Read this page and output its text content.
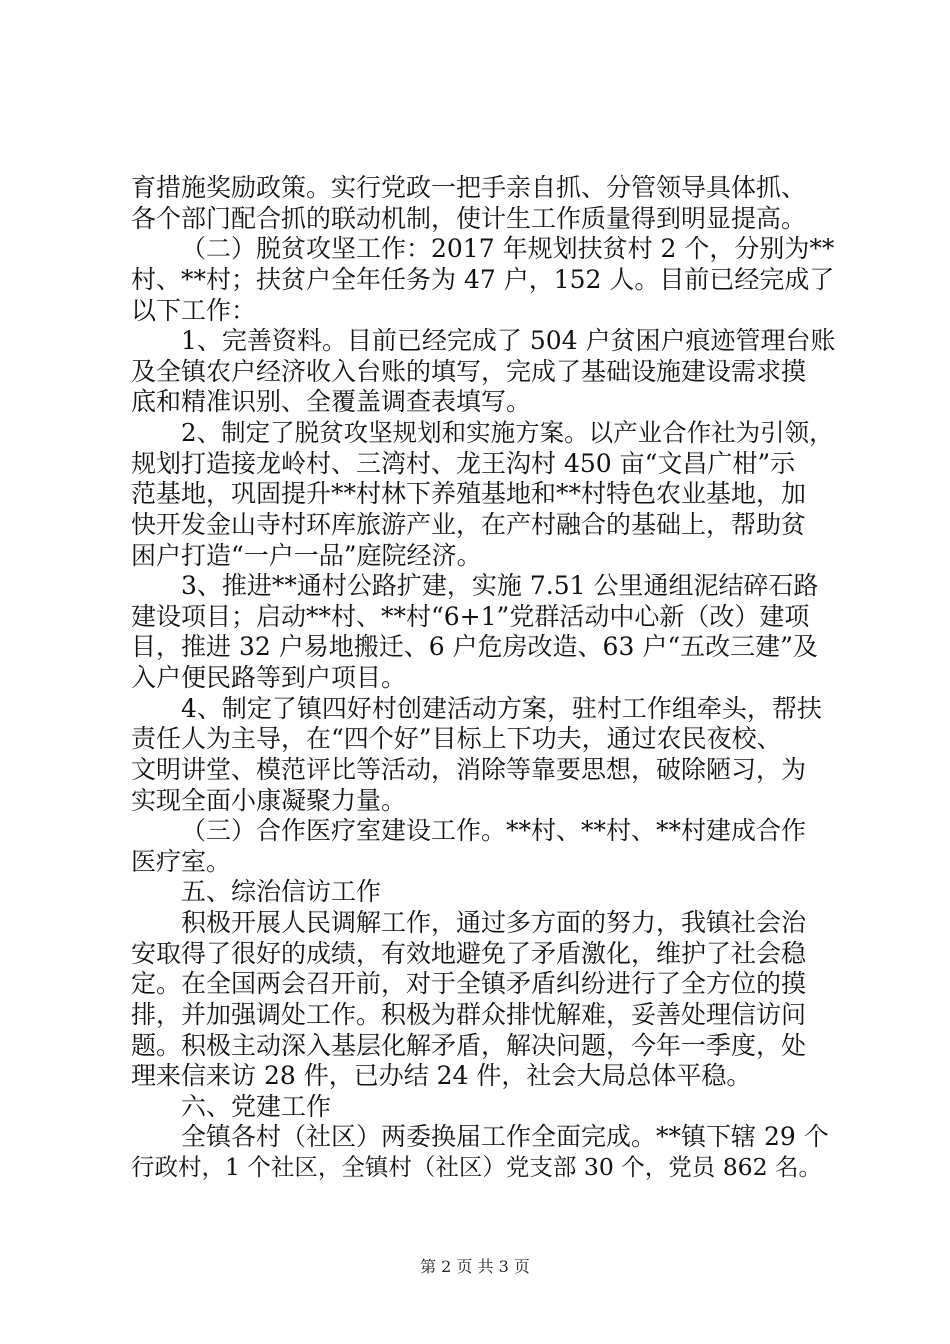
育措施奖励政策。实行党政一把手亲自抓、分管领导具体抓、
各个部门配合抓的联动机制，使计生工作质量得到明显提高。
（二）脱贫攻坚工作：2017 年规划扶贫村 2 个，分别为**
村、**村；扶贫户全年任务为 47 户，152 人。目前已经完成了
以下工作：
1、完善资料。目前已经完成了 504 户贫困户痕迹管理台账
及全镇农户经济收入台账的填写，完成了基础设施建设需求摸
底和精准识别、全覆盖调查表填写。
2、制定了脱贫攻坚规划和实施方案。以产业合作社为引领，
规划打造接龙岭村、三湾村、龙王沟村 450 亩“文昌广柑”示
范基地，巩固提升**村林下养殖基地和**村特色农业基地，加
快开发金山寺村环库旅游产业，在产村融合的基础上，帮助贫
困户打造“一户一品”庭院经济。
3、推进**通村公路扩建，实施 7.51 公里通组泥结碎石路
建设项目；启动**村、**村“6+1”党群活动中心新（改）建项
目，推进 32 户易地搬迁、6 户危房改造、63 户“五改三建”及
入户便民路等到户项目。
4、制定了镇四好村创建活动方案，驻村工作组牵头，帮扶
责任人为主导，在“四个好”目标上下功夫，通过农民夜校、
文明讲堂、模范评比等活动，消除等靠要思想，破除陋习，为
实现全面小康凝聚力量。
（三）合作医疗室建设工作。**村、**村、**村建成合作
医疗室。
五、综治信访工作
积极开展人民调解工作，通过多方面的努力，我镇社会治
安取得了很好的成绩，有效地避免了矛盾激化，维护了社会稳
定。在全国两会召开前，对于全镇矛盾纠纷进行了全方位的摸
排，并加强调处工作。积极为群众排忧解难，妥善处理信访问
题。积极主动深入基层化解矛盾，解决问题，今年一季度，处
理来信来访 28 件，已办结 24 件，社会大局总体平稳。
六、党建工作
全镇各村（社区）两委换届工作全面完成。**镇下辖 29 个
行政村，1 个社区，全镇村（社区）党支部 30 个，党员 862 名。
第 2 页 共 3 页
